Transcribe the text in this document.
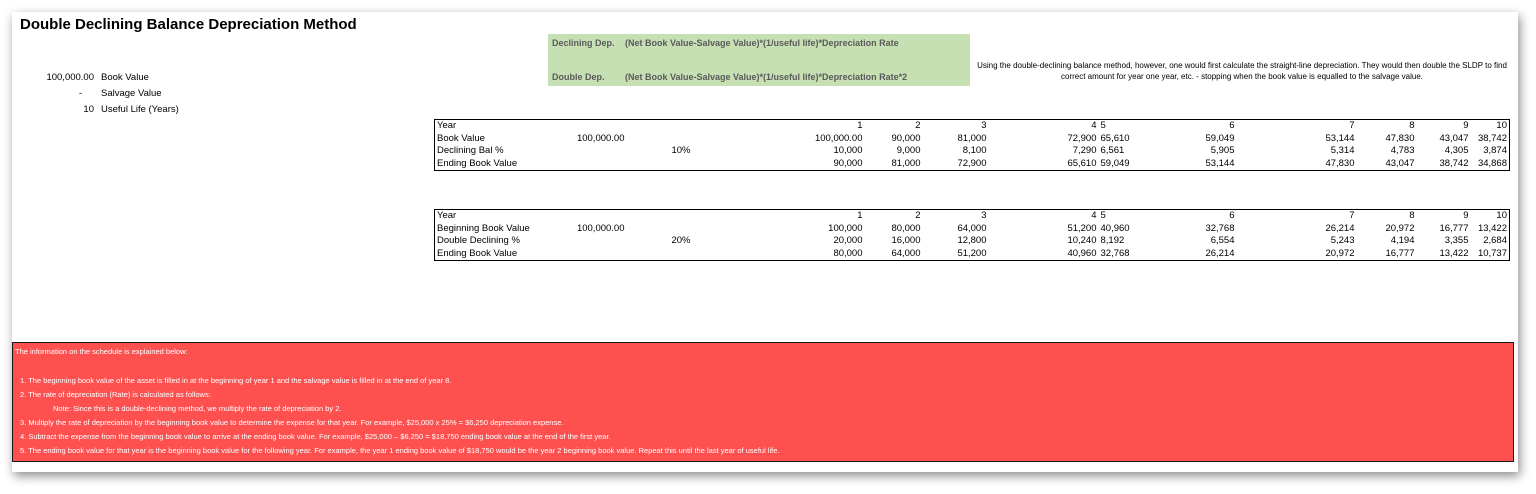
Double Declining Balance Depreciation Method
100,000.00 Book Value
- Salvage Value
10 Useful Life (Years)
Declining Dep. (Net Book Value-Salvage Value)*(1/useful life)*Depreciation Rate
Double Dep. (Net Book Value-Salvage Value)*(1/useful life)*Depreciation Rate*2
Using the double-declining balance method, however, one would first calculate the straight-line depreciation. They would then double the SLDP to find correct amount for year one year, etc. - stopping when the book value is equalled to the salvage value.
Year			1	2	3	4	5	6	7	8	9	10
Book Value	100,000.00		100,000.00	90,000	81,000	72,900	65,610	59,049	53,144	47,830	43,047	38,742
Declining Bal %		10%	10,000	9,000	8,100	7,290	6,561	5,905	5,314	4,783	4,305	3,874
Ending Book Value			90,000	81,000	72,900	65,610	59,049	53,144	47,830	43,047	38,742	34,868
Year			1	2	3	4	5	6	7	8	9	10
Beginning Book Value	100,000.00		100,000	80,000	64,000	51,200	40,960	32,768	26,214	20,972	16,777	13,422
Double Declining %		20%	20,000	16,000	12,800	10,240	8,192	6,554	5,243	4,194	3,355	2,684
Ending Book Value			80,000	64,000	51,200	40,960	32,768	26,214	20,972	16,777	13,422	10,737
The information on the schedule is explained below:
1. The beginning book value of the asset is filled in at the beginning of year 1 and the salvage value is filled in at the end of year 8.
2. The rate of depreciation (Rate) is calculated as follows:
Note: Since this is a double-declining method, we multiply the rate of depreciation by 2.
3. Multiply the rate of depreciation by the beginning book value to determine the expense for that year. For example, $25,000 x 25% = $6,250 depreciation expense.
4. Subtract the expense from the beginning book value to arrive at the ending book value. For example, $25,000 – $6,250 = $18,750 ending book value at the end of the first year.
5. The ending book value for that year is the beginning book value for the following year. For example, the year 1 ending book value of $18,750 would be the year 2 beginning book value. Repeat this until the last year of useful life.
